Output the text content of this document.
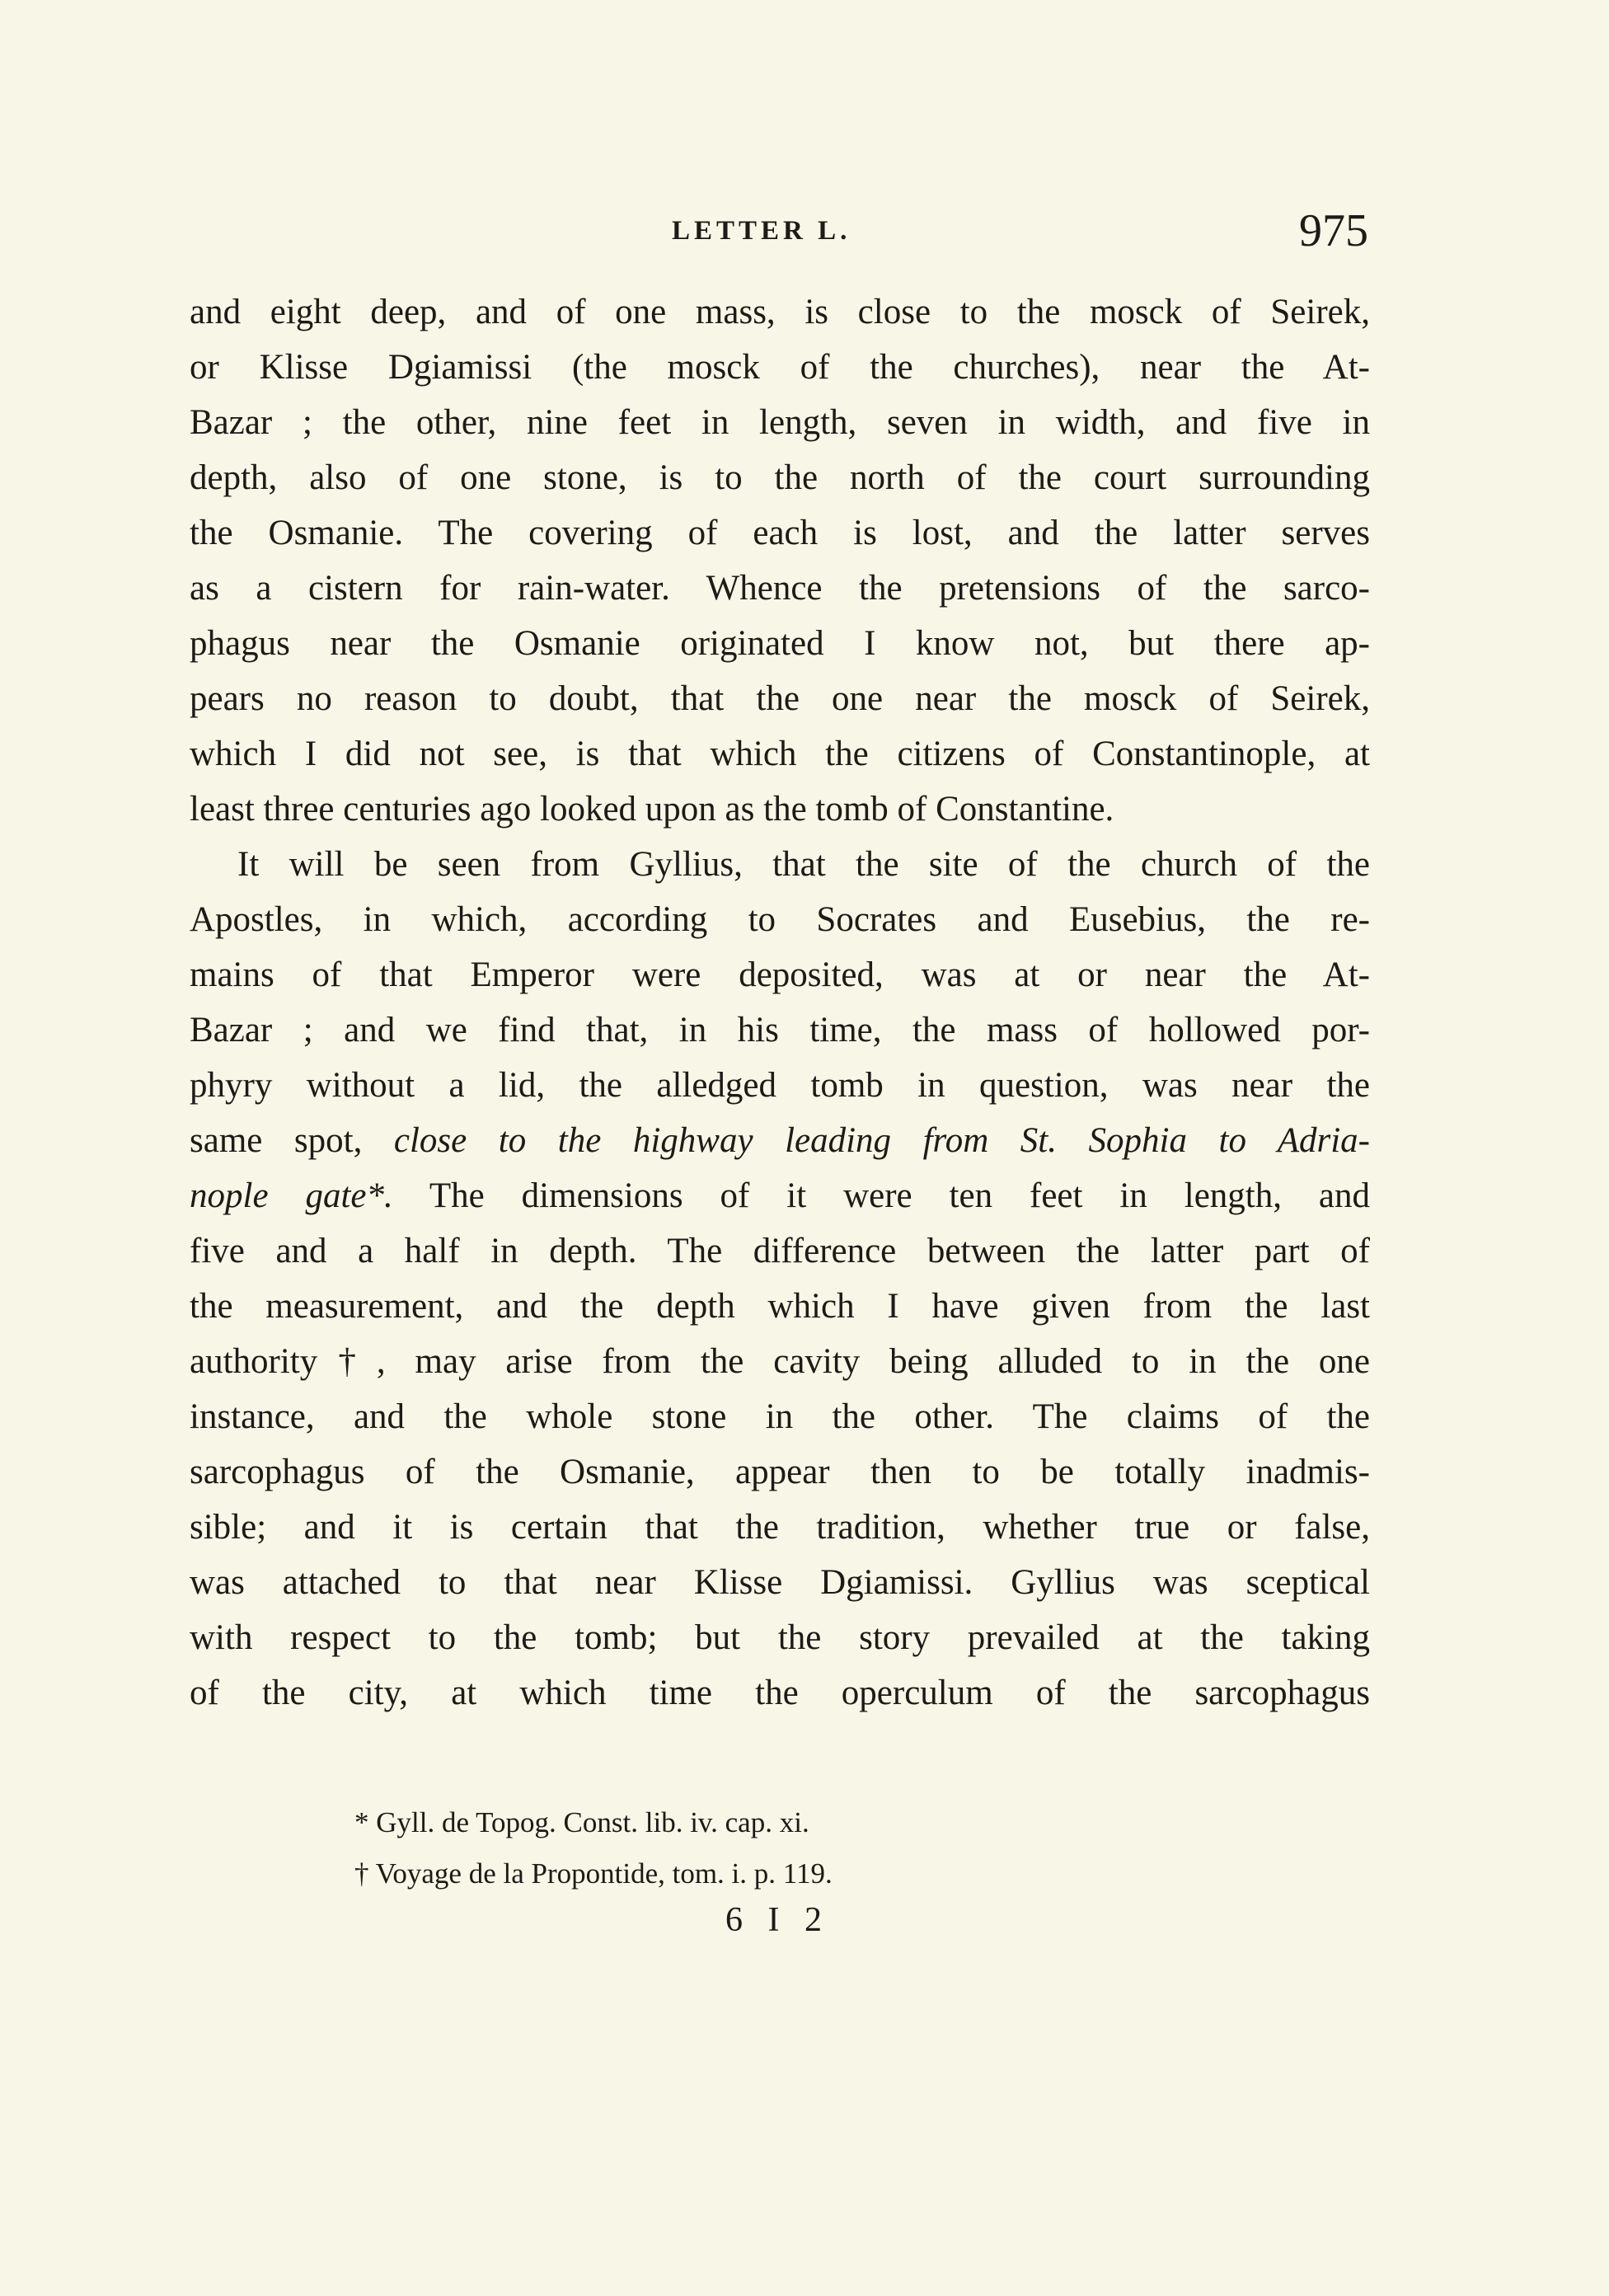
LETTER L.	975
and eight deep, and of one mass, is close to the mosck of Seirek,
or Klisse Dgiamissi (the mosck of the churches), near the At-
Bazar ; the other, nine feet in length, seven in width, and five in
depth, also of one stone, is to the north of the court surrounding
the Osmanie. The covering of each is lost, and the latter serves
as a cistern for rain-water. Whence the pretensions of the sarco-
phagus near the Osmanie originated I know not, but there ap-
pears no reason to doubt, that the one near the mosck of Seirek,
which I did not see, is that which the citizens of Constantinople, at
least three centuries ago looked upon as the tomb of Constantine.
It will be seen from Gyllius, that the site of the church of the
Apostles, in which, according to Socrates and Eusebius, the re-
mains of that Emperor were deposited, was at or near the At-
Bazar ; and we find that, in his time, the mass of hollowed por-
phyry without a lid, the alledged tomb in question, was near the
same spot, close to the highway leading from St. Sophia to Adria-
nople gate*. The dimensions of it were ten feet in length, and
five and a half in depth. The difference between the latter part of
the measurement, and the depth which I have given from the last
authority†, may arise from the cavity being alluded to in the one
instance, and the whole stone in the other. The claims of the
sarcophagus of the Osmanie, appear then to be totally inadmis-
sible; and it is certain that the tradition, whether true or false,
was attached to that near Klisse Dgiamissi. Gyllius was sceptical
with respect to the tomb; but the story prevailed at the taking
of the city, at which time the operculum of the sarcophagus
* Gyll. de Topog. Const. lib. iv. cap. xi.
† Voyage de la Propontide, tom. i. p. 119.
6 I 2
